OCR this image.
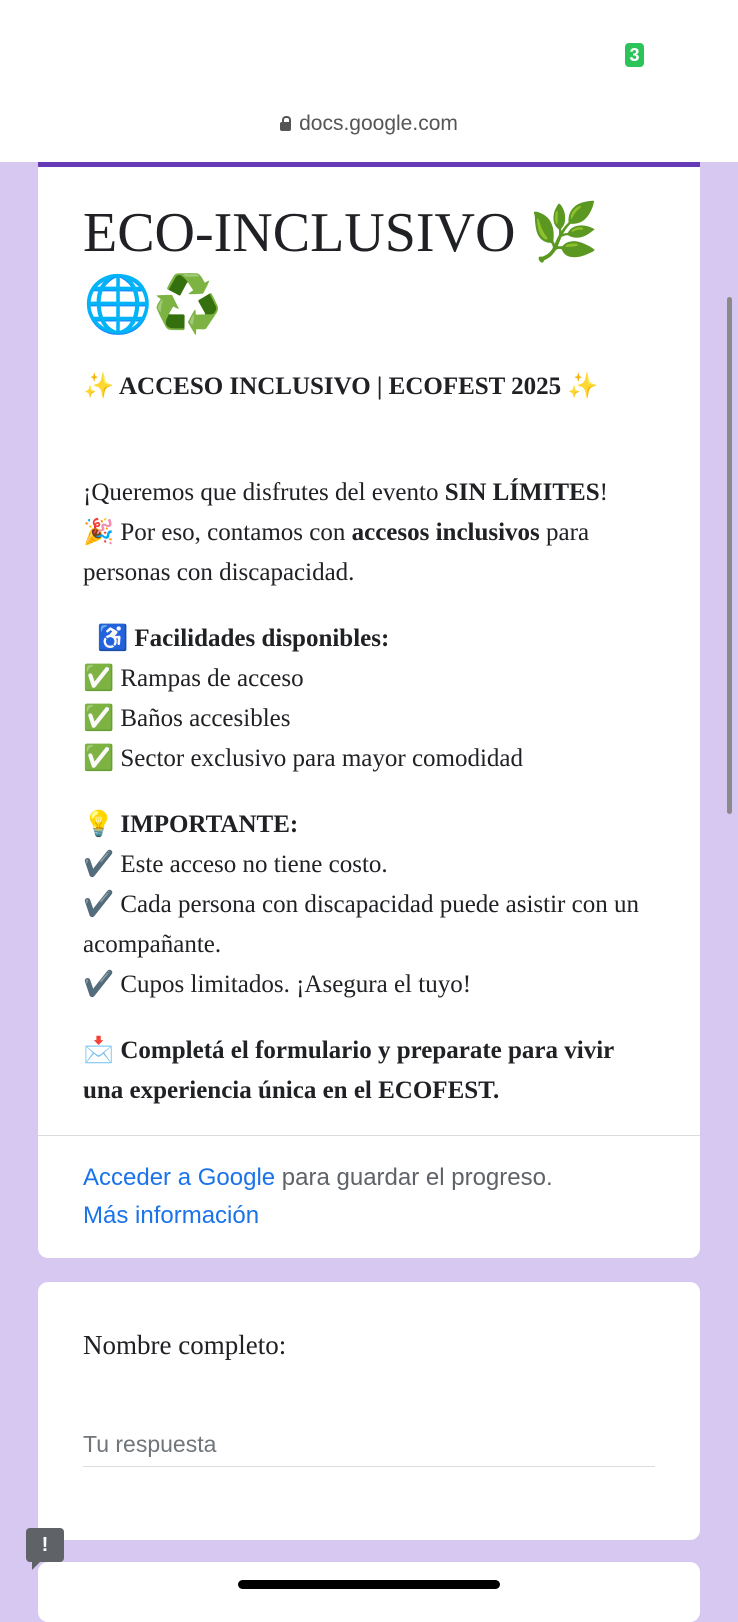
3
docs.google.com
ECO-INCLUSIVO 🌿 🌐♻️

✨ ACCESO INCLUSIVO | ECOFEST 2025 ✨

¡Queremos que disfrutes del evento SIN LÍMITES! 🎉 Por eso, contamos con accesos inclusivos para personas con discapacidad.

♿ Facilidades disponibles:
✅ Rampas de acceso
✅ Baños accesibles
✅ Sector exclusivo para mayor comodidad
💡 IMPORTANTE:
✔️ Este acceso no tiene costo.
✔️ Cada persona con discapacidad puede asistir con un acompañante.
✔️ Cupos limitados. ¡Asegura el tuyo!

📩 Completá el formulario y preparate para vivir una experiencia única en el ECOFEST.

Acceder a Google para guardar el progreso.
Más información
Nombre completo:
Tu respuesta
!
